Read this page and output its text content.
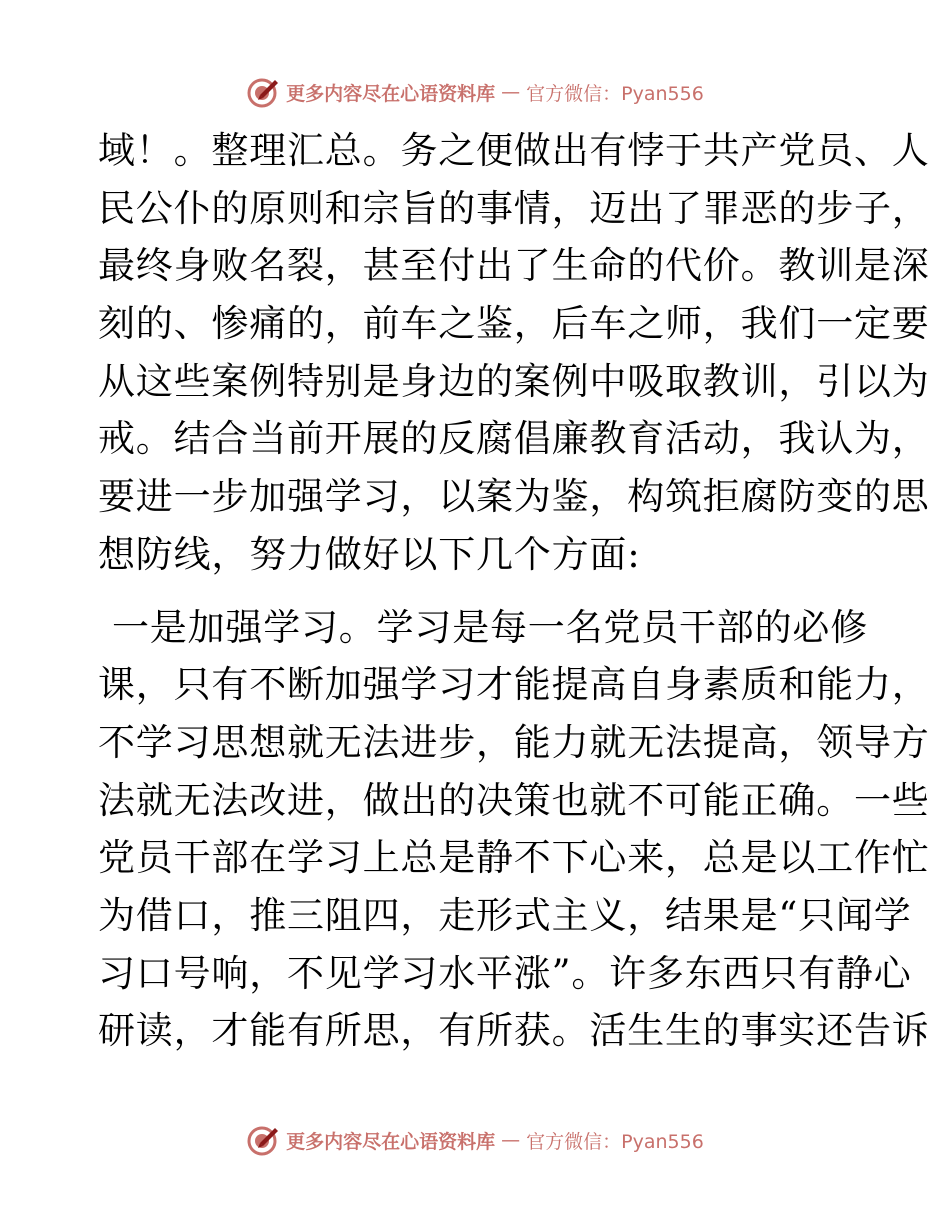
更多内容尽在心语资料库 — 官方微信：Pyan556
域！。整理汇总。务之便做出有悖于共产党员、人
民公仆的原则和宗旨的事情，迈出了罪恶的步子，
最终身败名裂，甚至付出了生命的代价。教训是深
刻的、惨痛的，前车之鉴，后车之师，我们一定要
从这些案例特别是身边的案例中吸取教训，引以为
戒。结合当前开展的反腐倡廉教育活动，我认为，
要进一步加强学习，以案为鉴，构筑拒腐防变的思
想防线，努力做好以下几个方面:
一是加强学习。学习是每一名党员干部的必修
课，只有不断加强学习才能提高自身素质和能力，
不学习思想就无法进步，能力就无法提高，领导方
法就无法改进，做出的决策也就不可能正确。一些
党员干部在学习上总是静不下心来，总是以工作忙
为借口，推三阻四，走形式主义，结果是“只闻学
习口号响，不见学习水平涨”。许多东西只有静心
研读，才能有所思，有所获。活生生的事实还告诉
更多内容尽在心语资料库 — 官方微信：Pyan556
